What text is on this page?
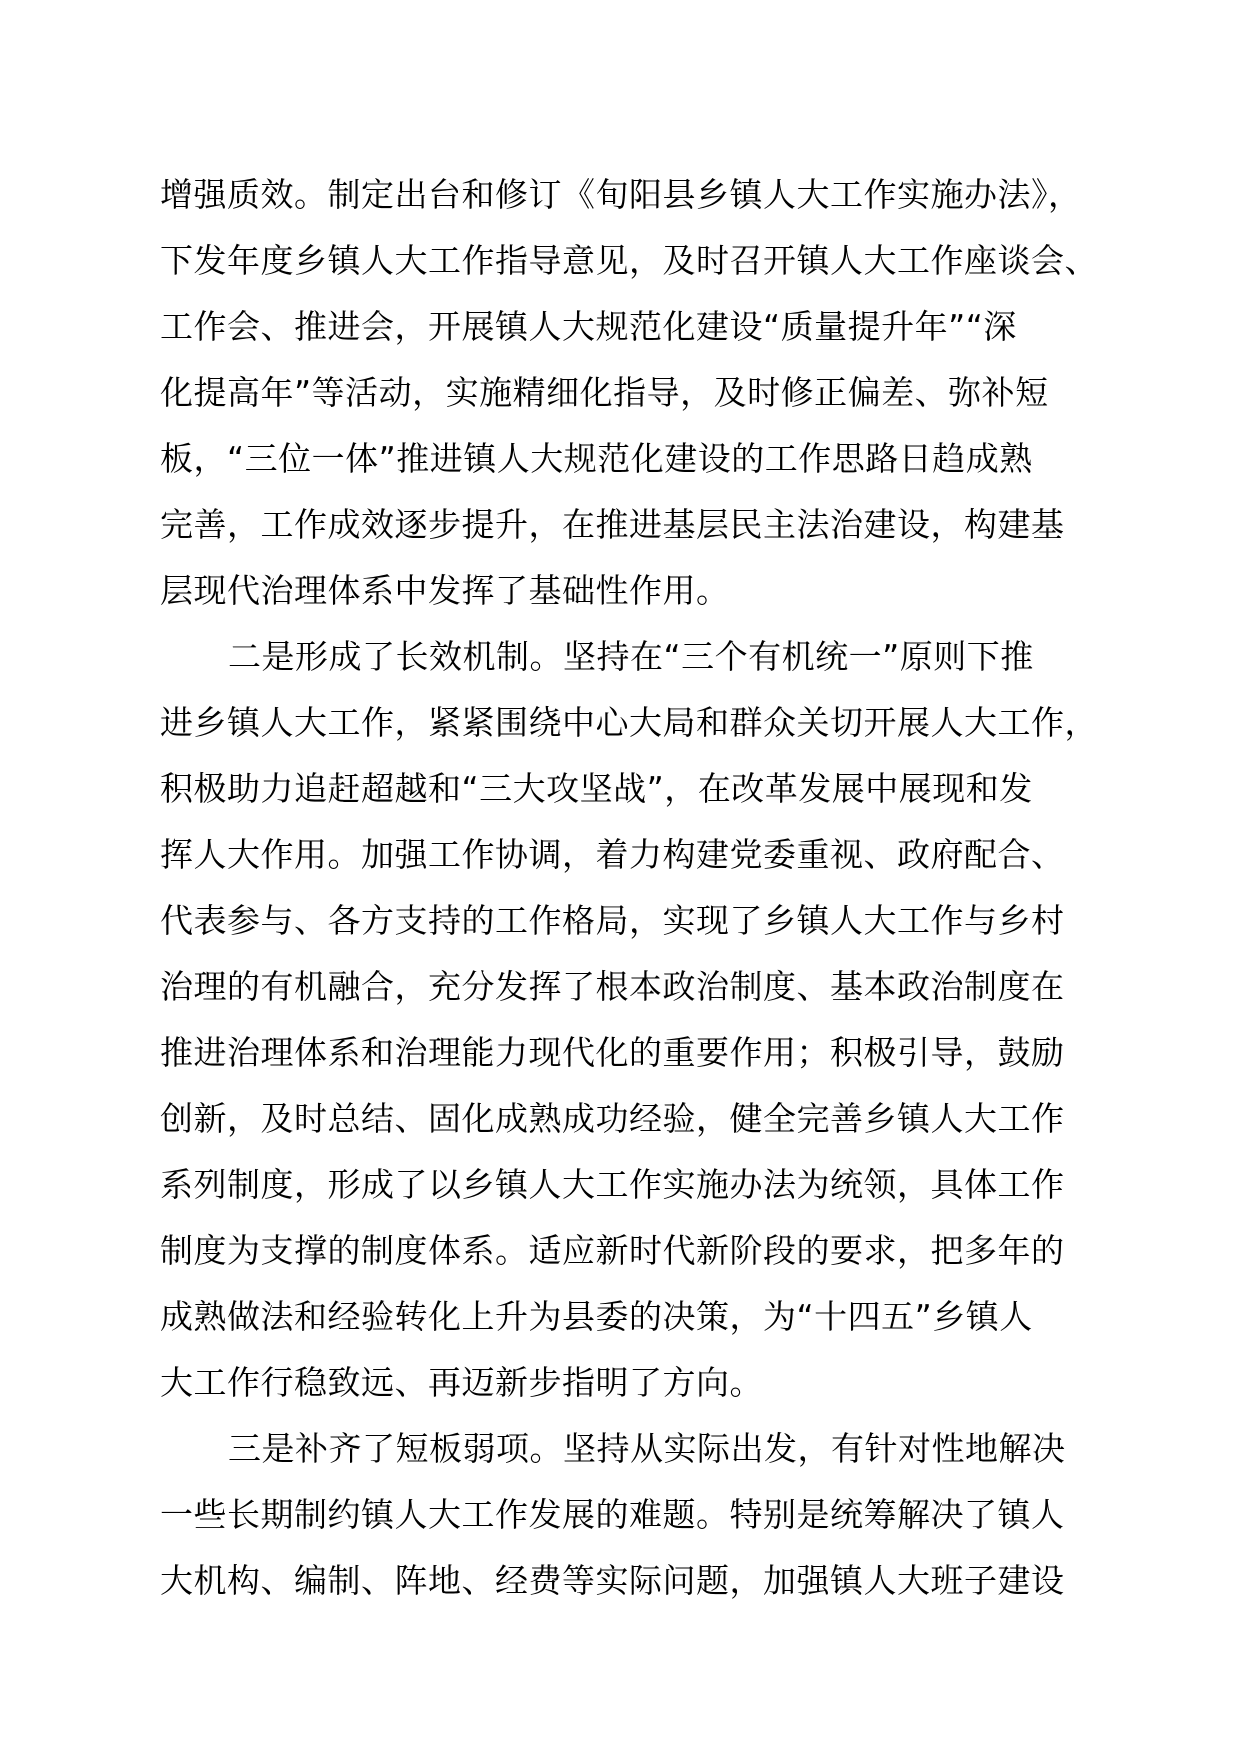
增强质效。制定出台和修订《旬阳县乡镇人大工作实施办法》，
下发年度乡镇人大工作指导意见，及时召开镇人大工作座谈会、
工作会、推进会，开展镇人大规范化建设“质量提升年”“深
化提高年”等活动，实施精细化指导，及时修正偏差、弥补短
板，“三位一体”推进镇人大规范化建设的工作思路日趋成熟
完善，工作成效逐步提升，在推进基层民主法治建设，构建基
层现代治理体系中发挥了基础性作用。
二是形成了长效机制。坚持在“三个有机统一”原则下推
进乡镇人大工作，紧紧围绕中心大局和群众关切开展人大工作，
积极助力追赶超越和“三大攻坚战”，在改革发展中展现和发
挥人大作用。加强工作协调，着力构建党委重视、政府配合、
代表参与、各方支持的工作格局，实现了乡镇人大工作与乡村
治理的有机融合，充分发挥了根本政治制度、基本政治制度在
推进治理体系和治理能力现代化的重要作用；积极引导，鼓励
创新，及时总结、固化成熟成功经验，健全完善乡镇人大工作
系列制度，形成了以乡镇人大工作实施办法为统领，具体工作
制度为支撑的制度体系。适应新时代新阶段的要求，把多年的
成熟做法和经验转化上升为县委的决策，为“十四五”乡镇人
大工作行稳致远、再迈新步指明了方向。
三是补齐了短板弱项。坚持从实际出发，有针对性地解决
一些长期制约镇人大工作发展的难题。特别是统筹解决了镇人
大机构、编制、阵地、经费等实际问题，加强镇人大班子建设
